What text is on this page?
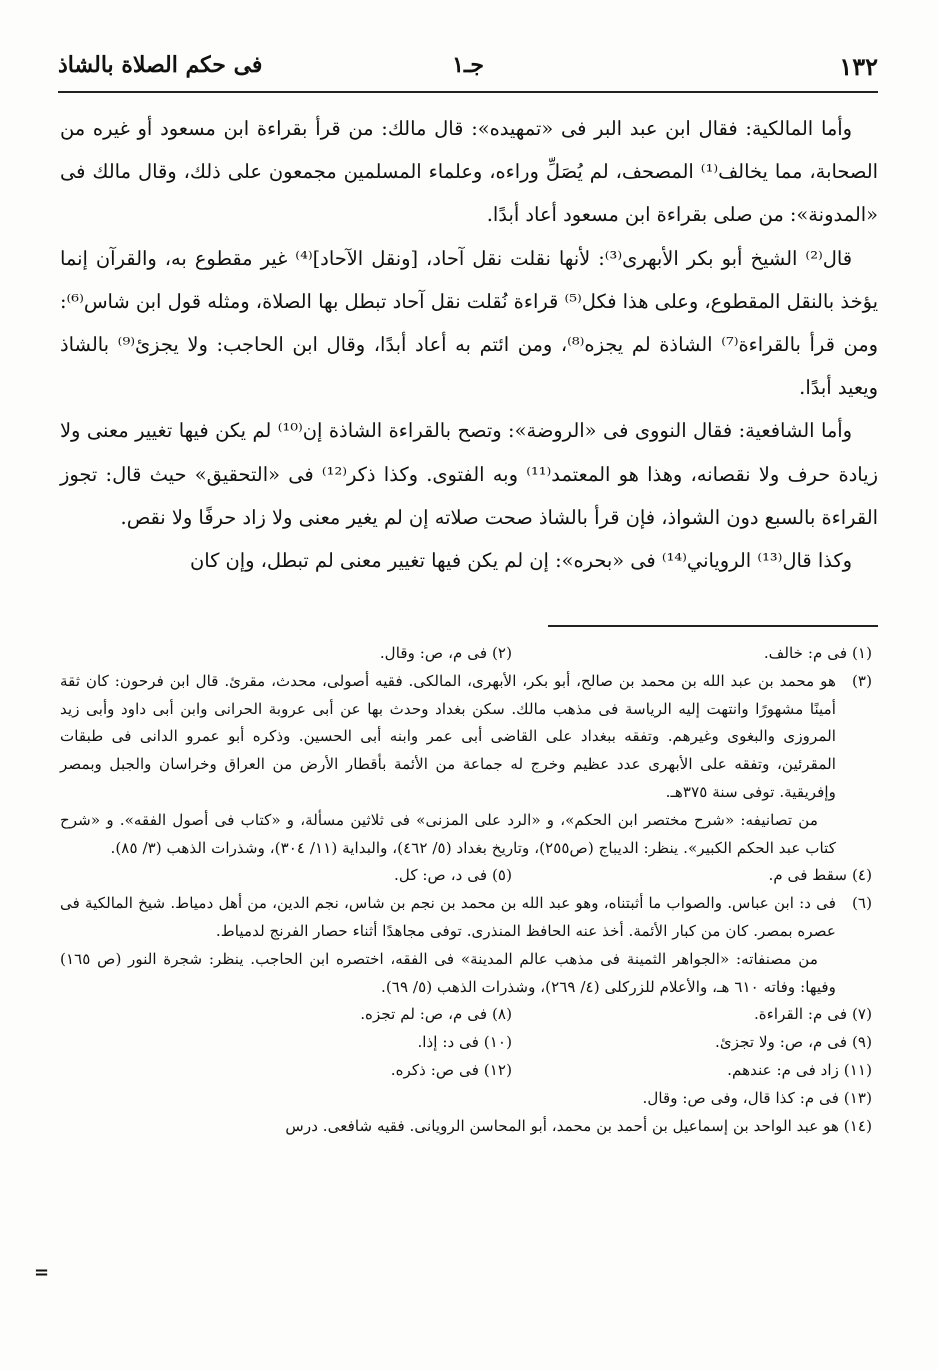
١٣٢
جـ١
فى حكم الصلاة بالشاذ

وأما المالكية: فقال ابن عبد البر فى «تمهيده»: قال مالك: من قرأ بقراءة ابن مسعود أو غيره من الصحابة، مما يخالف⁽¹⁾ المصحف، لم يُصَلِّ وراءه، وعلماء المسلمين مجمعون على ذلك، وقال مالك فى «المدونة»: من صلى بقراءة ابن مسعود أعاد أبدًا.

قال⁽²⁾ الشيخ أبو بكر الأبهرى⁽³⁾: لأنها نقلت نقل آحاد، [ونقل الآحاد]⁽⁴⁾ غير مقطوع به، والقرآن إنما يؤخذ بالنقل المقطوع، وعلى هذا فكل⁽⁵⁾ قراءة نُقلت نقل آحاد تبطل بها الصلاة، ومثله قول ابن شاس⁽⁶⁾: ومن قرأ بالقراءة⁽⁷⁾ الشاذة لم يجزه⁽⁸⁾، ومن ائتم به أعاد أبدًا، وقال ابن الحاجب: ولا يجزئ⁽⁹⁾ بالشاذ ويعيد أبدًا.

وأما الشافعية: فقال النووى فى «الروضة»: وتصح بالقراءة الشاذة إن⁽¹⁰⁾ لم يكن فيها تغيير معنى ولا زيادة حرف ولا نقصانه، وهذا هو المعتمد⁽¹¹⁾ وبه الفتوى. وكذا ذكر⁽¹²⁾ فى «التحقيق» حيث قال: تجوز القراءة بالسبع دون الشواذ، فإن قرأ بالشاذ صحت صلاته إن لم يغير معنى ولا زاد حرفًا ولا نقص.

وكذا قال⁽¹³⁾ الروياني⁽¹⁴⁾ فى «بحره»: إن لم يكن فيها تغيير معنى لم تبطل، وإن كان

(١) فى م: خالف.
(٢) فى م، ص: وقال.
(٣)
هو محمد بن عبد الله بن محمد بن صالح، أبو بكر، الأبهرى، المالكى. فقيه أصولى، محدث، مقرئ. قال ابن فرحون: كان ثقة أمينًا مشهورًا وانتهت إليه الرياسة فى مذهب مالك. سكن بغداد وحدث بها عن أبى عروبة الحرانى وابن أبى داود وأبى زيد المروزى والبغوى وغيرهم. وتفقه ببغداد على القاضى أبى عمر وابنه أبى الحسين. وذكره أبو عمرو الدانى فى طبقات المقرئين، وتفقه على الأبهرى عدد عظيم وخرج له جماعة من الأئمة بأقطار الأرض من العراق وخراسان والجبل وبمصر وإفريقية. توفى سنة ٣٧٥هـ.
من تصانيفه: «شرح مختصر ابن الحكم»، و «الرد على المزنى» فى ثلاثين مسألة، و «كتاب فى أصول الفقه». و «شرح كتاب عبد الحكم الكبير». ينظر: الديباج (ص٢٥٥)، وتاريخ بغداد (٥/ ٤٦٢)، والبداية (١١/ ٣٠٤)، وشذرات الذهب (٣/ ٨٥).
(٤) سقط فى م.
(٥) فى د، ص: كل.
(٦)
فى د: ابن عباس. والصواب ما أثبتناه، وهو عبد الله بن محمد بن نجم بن شاس، نجم الدين، من أهل دمياط. شيخ المالكية فى عصره بمصر. كان من كبار الأئمة. أخذ عنه الحافظ المنذرى. توفى مجاهدًا أثناء حصار الفرنج لدمياط.
من مصنفاته: «الجواهر الثمينة فى مذهب عالم المدينة» فى الفقه، اختصره ابن الحاجب. ينظر: شجرة النور (ص ١٦٥) وفيها: وفاته ٦١٠ هـ، والأعلام للزركلى (٤/ ٢٦٩)، وشذرات الذهب (٥/ ٦٩).
(٧) فى م: القراءة.
(٨) فى م، ص: لم تجزه.
(٩) فى م، ص: ولا تجزئ.
(١٠) فى د: إذا.
(١١) زاد فى م: عندهم.
(١٢) فى ص: ذكره.
(١٣) فى م: كذا قال، وفى ص: وقال.
(١٤) هو عبد الواحد بن إسماعيل بن أحمد بن محمد، أبو المحاسن الرويانى. فقيه شافعى. درس
=
